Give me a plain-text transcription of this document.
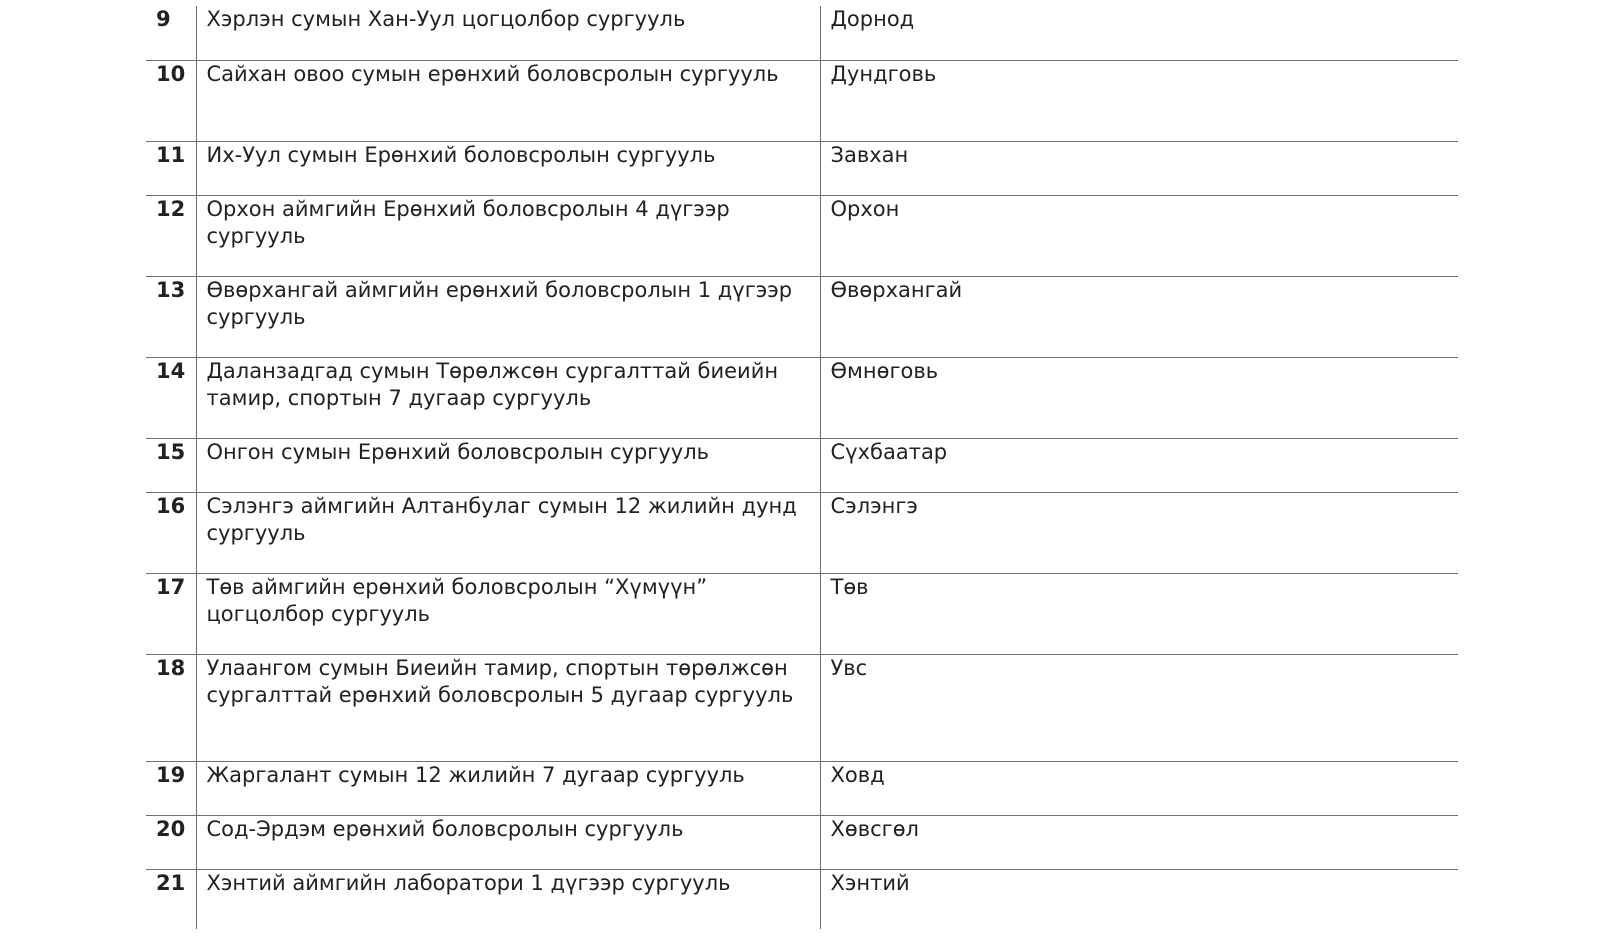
9	Хэрлэн сумын Хан-Уул цогцолбор сургууль	Дорнод
10	Сайхан овоо сумын ерөнхий боловсролын сургууль	Дундговь
11	Их-Уул сумын Ерөнхий боловсролын сургууль	Завхан
12	Орхон аймгийн Ерөнхий боловсролын 4 дүгээр сургууль	Орхон
13	Өвөрхангай аймгийн ерөнхий боловсролын 1 дүгээр сургууль	Өвөрхангай
14	Даланзадгад сумын Төрөлжсөн сургалттай биеийн тамир, спортын 7 дугаар сургууль	Өмнөговь
15	Онгон сумын Ерөнхий боловсролын сургууль	Сүхбаатар
16	Сэлэнгэ аймгийн Алтанбулаг сумын 12 жилийн дунд сургууль	Сэлэнгэ
17	Төв аймгийн ерөнхий боловсролын “Хүмүүн” цогцолбор сургууль	Төв
18	Улаангом сумын Биеийн тамир, спортын төрөлжсөн сургалттай ерөнхий боловсролын 5 дугаар сургууль	Увс
19	Жаргалант сумын 12 жилийн 7 дугаар сургууль	Ховд
20	Сод-Эрдэм ерөнхий боловсролын сургууль	Хөвсгөл
21	Хэнтий аймгийн лаборатори 1 дүгээр сургууль	Хэнтий
